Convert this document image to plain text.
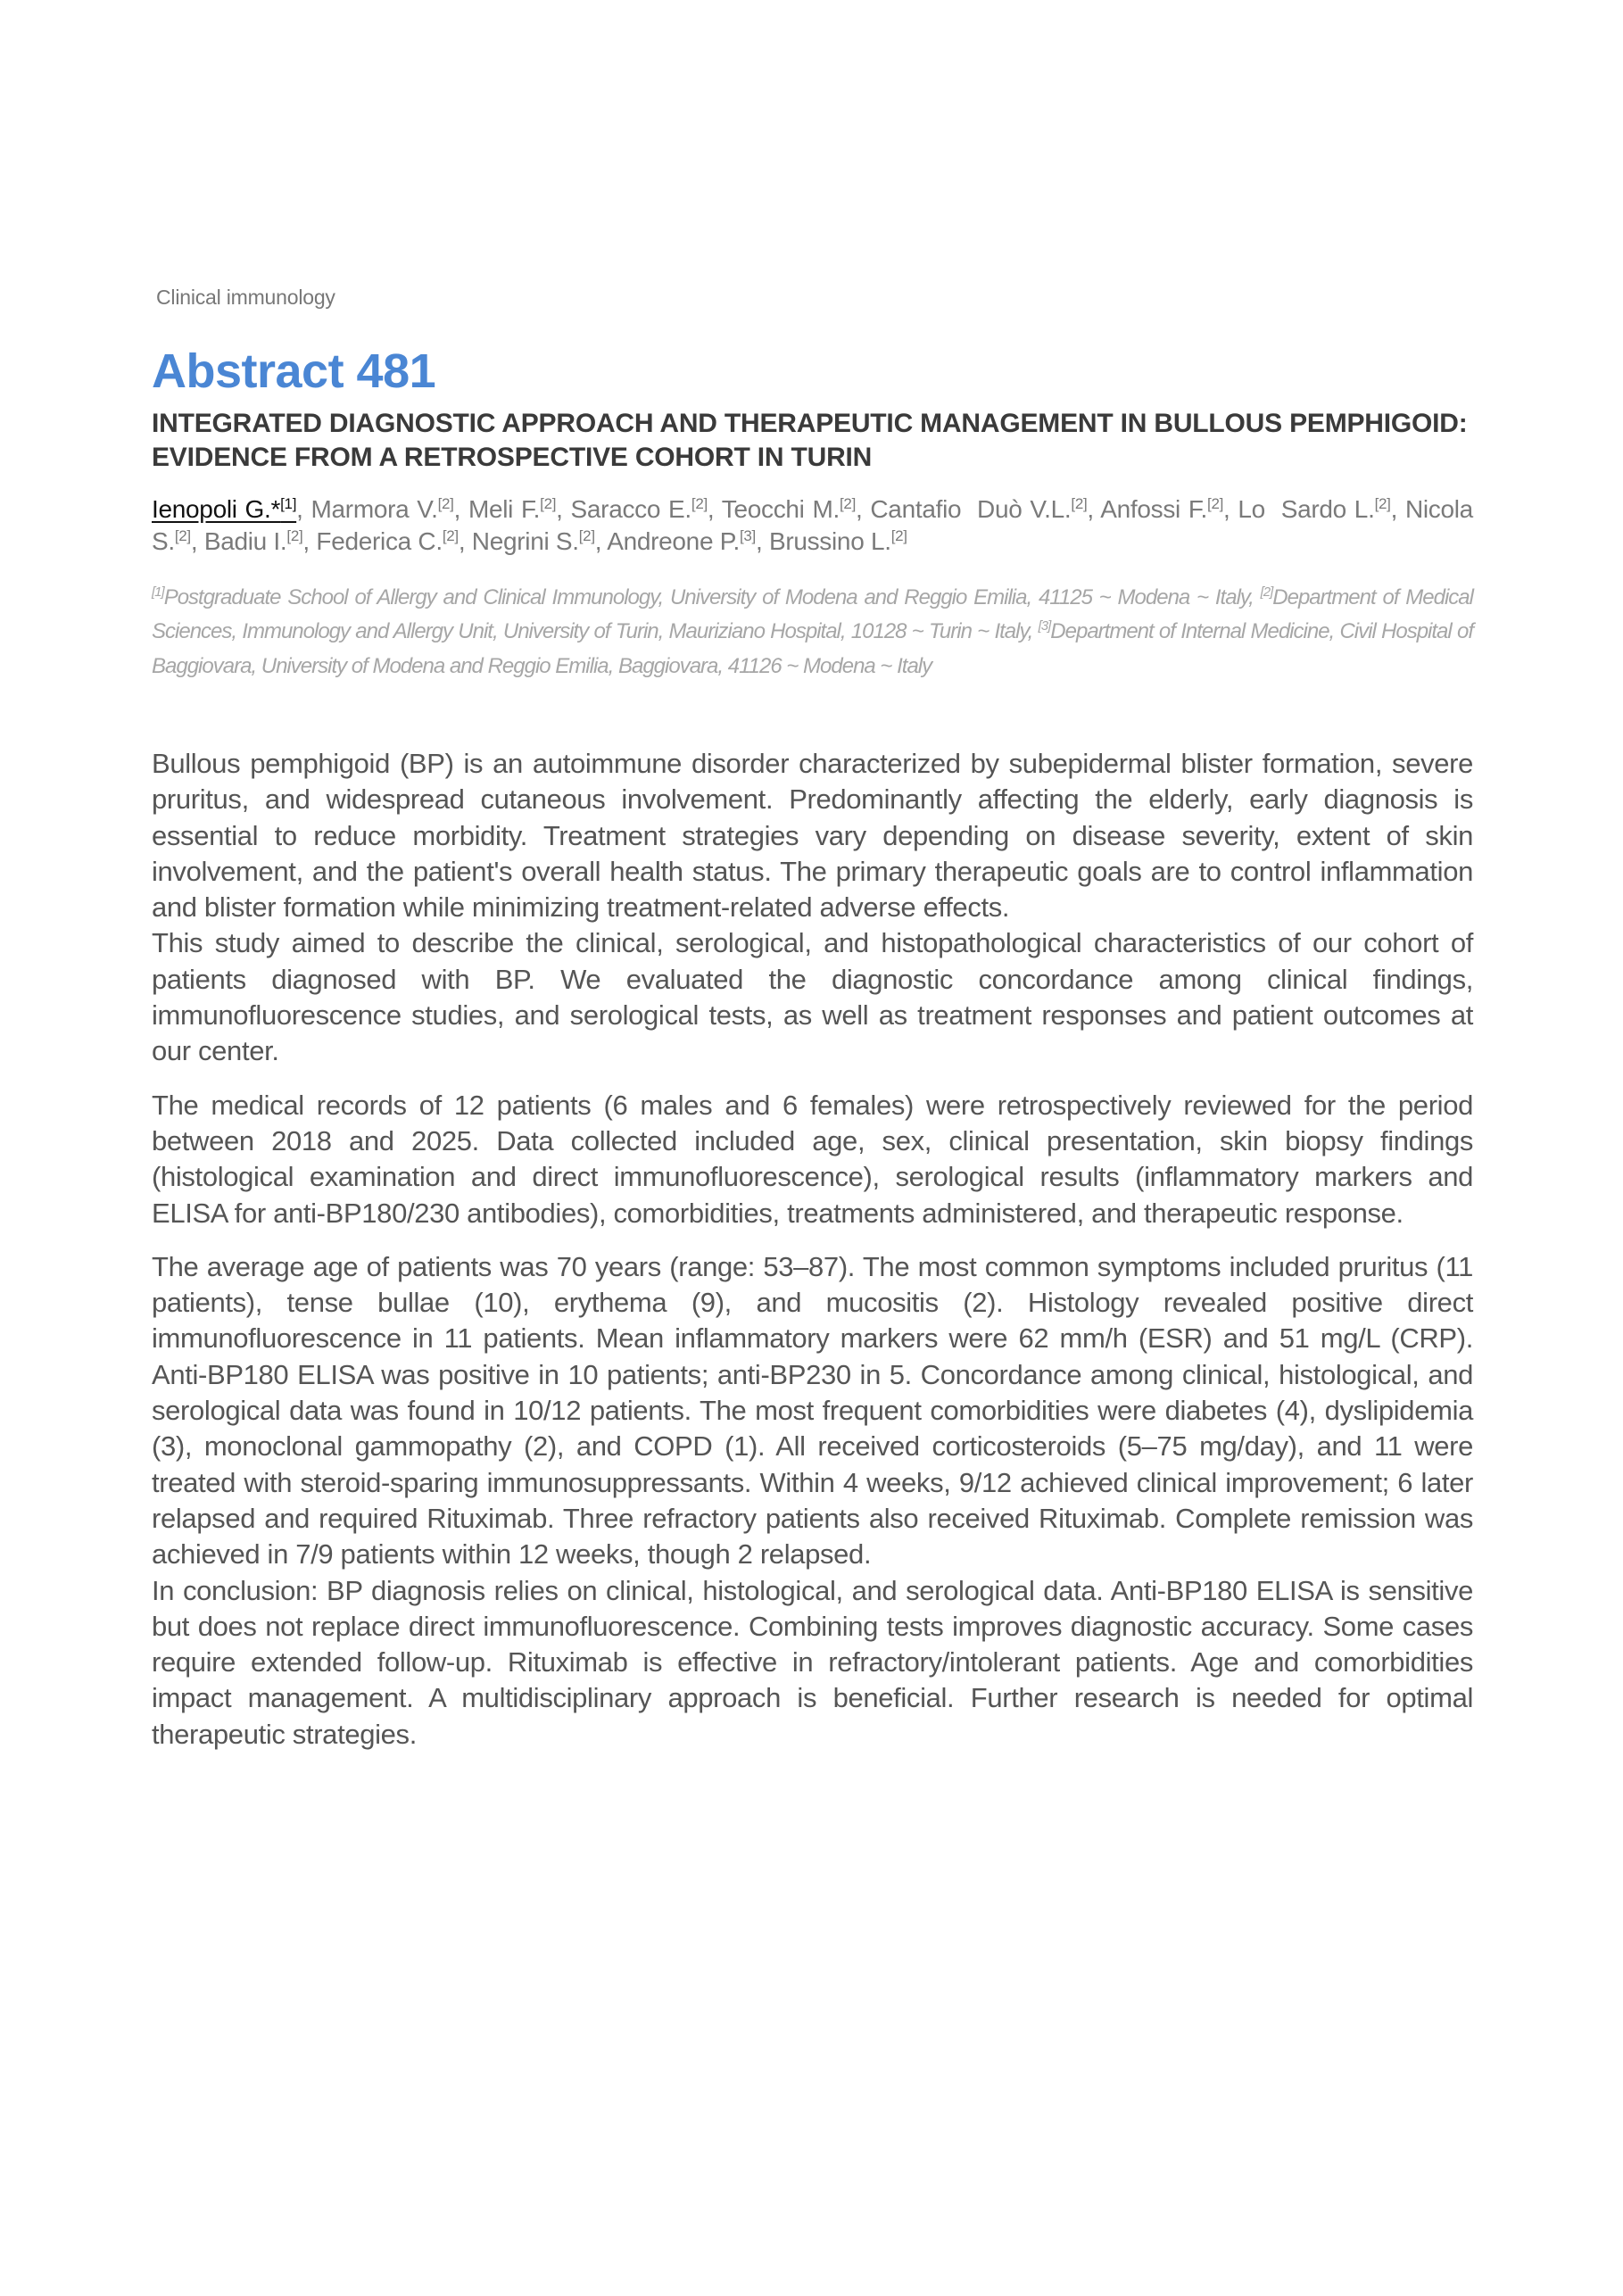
Clinical immunology
Abstract 481
INTEGRATED DIAGNOSTIC APPROACH AND THERAPEUTIC MANAGEMENT IN BULLOUS PEMPHIGOID: EVIDENCE FROM A RETROSPECTIVE COHORT IN TURIN
Ienopoli G.*[1], Marmora V.[2], Meli F.[2], Saracco E.[2], Teocchi M.[2], Cantafio  Duò V.L.[2], Anfossi F.[2], Lo  Sardo L.[2], Nicola S.[2], Badiu I.[2], Federica C.[2], Negrini S.[2], Andreone P.[3], Brussino L.[2]
[1]Postgraduate School of Allergy and Clinical Immunology, University of Modena and Reggio Emilia, 41125 ~ Modena ~ Italy, [2]Department of Medical Sciences, Immunology and Allergy Unit, University of Turin, Mauriziano Hospital, 10128 ~ Turin ~ Italy, [3]Department of Internal Medicine, Civil Hospital of Baggiovara, University of Modena and Reggio Emilia, Baggiovara, 41126 ~ Modena ~ Italy

Bullous pemphigoid (BP) is an autoimmune disorder characterized by subepidermal blister formation, severe pruritus, and widespread cutaneous involvement. Predominantly affecting the elderly, early diagnosis is essential to reduce morbidity. Treatment strategies vary depending on disease severity, extent of skin involvement, and the patient's overall health status. The primary therapeutic goals are to control inflammation and blister formation while minimizing treatment-related adverse effects.

This study aimed to describe the clinical, serological, and histopathological characteristics of our cohort of patients diagnosed with BP. We evaluated the diagnostic concordance among clinical findings, immunofluorescence studies, and serological tests, as well as treatment responses and patient outcomes at our center.

The medical records of 12 patients (6 males and 6 females) were retrospectively reviewed for the period between 2018 and 2025. Data collected included age, sex, clinical presentation, skin biopsy findings (histological examination and direct immunofluorescence), serological results (inflammatory markers and ELISA for anti-BP180/230 antibodies), comorbidities, treatments administered, and therapeutic response.

The average age of patients was 70 years (range: 53–87). The most common symptoms included pruritus (11 patients), tense bullae (10), erythema (9), and mucositis (2). Histology revealed positive direct immunofluorescence in 11 patients. Mean inflammatory markers were 62 mm/h (ESR) and 51 mg/L (CRP). Anti-BP180 ELISA was positive in 10 patients; anti-BP230 in 5. Concordance among clinical, histological, and serological data was found in 10/12 patients. The most frequent comorbidities were diabetes (4), dyslipidemia (3), monoclonal gammopathy (2), and COPD (1). All received corticosteroids (5–75 mg/day), and 11 were treated with steroid-sparing immunosuppressants. Within 4 weeks, 9/12 achieved clinical improvement; 6 later relapsed and required Rituximab. Three refractory patients also received Rituximab. Complete remission was achieved in 7/9 patients within 12 weeks, though 2 relapsed.

In conclusion: BP diagnosis relies on clinical, histological, and serological data. Anti-BP180 ELISA is sensitive but does not replace direct immunofluorescence. Combining tests improves diagnostic accuracy. Some cases require extended follow-up. Rituximab is effective in refractory/intolerant patients. Age and comorbidities impact management. A multidisciplinary approach is beneficial. Further research is needed for optimal therapeutic strategies.
